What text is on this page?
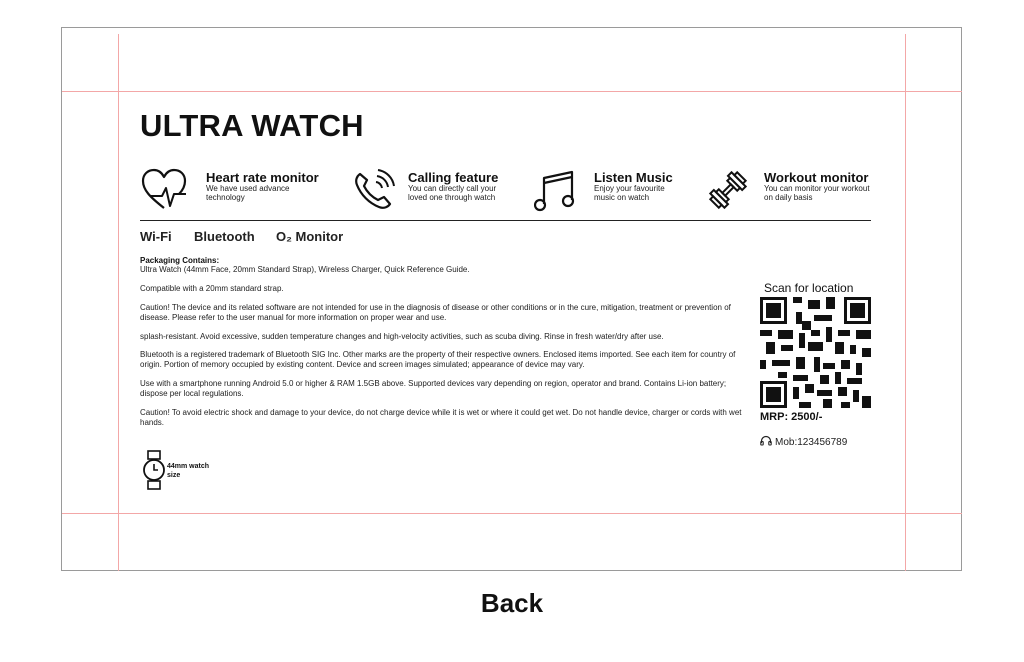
ULTRA WATCH
Heart rate monitor
We have used advance technology
Calling feature
You can directly call your loved one through watch
Listen Music
Enjoy your favourite music on watch
Workout monitor
You can monitor your workout on daily basis
Wi-Fi Bluetooth O₂ Monitor
Packaging Contains:
Ultra Watch (44mm Face, 20mm Standard Strap), Wireless Charger, Quick Reference Guide.
Compatible with a 20mm standard strap.
Caution! The device and its related software are not intended for use in the diagnosis of disease or other conditions or in the cure, mitigation, treatment or prevention of disease. Please refer to the user manual for more information on proper wear and use.
splash-resistant. Avoid excessive, sudden temperature changes and high-velocity activities, such as scuba diving. Rinse in fresh water/dry after use.
Bluetooth is a registered trademark of Bluetooth SIG Inc. Other marks are the property of their respective owners. Enclosed items imported. See each item for country of origin. Portion of memory occupied by existing content. Device and screen images simulated; appearance of device may vary.
Use with a smartphone running Android 5.0 or higher & RAM 1.5GB above. Supported devices vary depending on region, operator and brand. Contains Li-ion battery; dispose per local regulations.
Caution! To avoid electric shock and damage to your device, do not charge device while it is wet or where it could get wet. Do not handle device, charger or cords with wet hands.
Scan for location
MRP: 2500/-
Mob:123456789
44mm watch size
Back
